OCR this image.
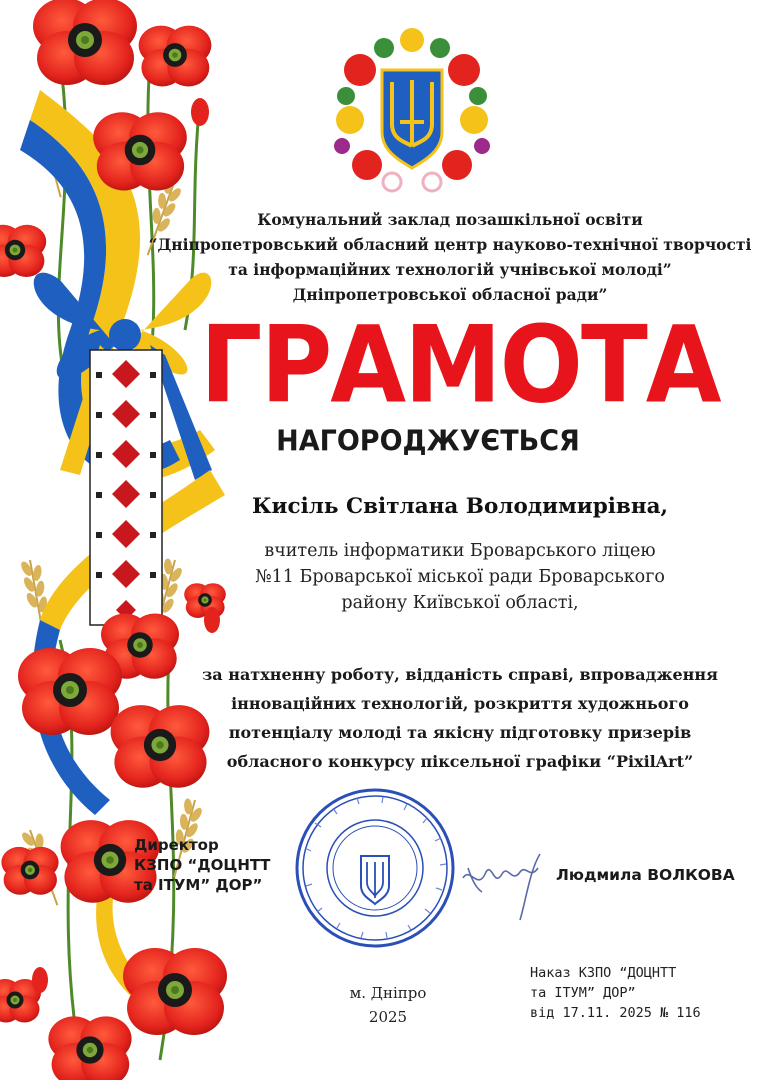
Комунальний заклад позашкільної освіти
“Дніпропетровський обласний центр науково-технічної творчості
та інформаційних технологій учнівської молоді”
Дніпропетровської обласної ради”
ГРАМОТА
НАГОРОДЖУЄТЬСЯ
Кисіль Світлана Володимирівна,
вчитель інформатики Броварського ліцею
№11 Броварської міської ради Броварського
району Київської області,
за натхненну роботу, відданість справі, впровадження
інноваційних технологій, розкриття художнього
потенціалу молоді та якісну підготовку призерів
обласного конкурсу піксельної графіки “PixilArt”
Директор
КЗПО “ДОЦНТТ
та ІТУМ” ДОР”
Людмила ВОЛКОВА
м. Дніпро
2025
Наказ КЗПО “ДОЦНТТ
та ІТУМ” ДОР”
від 17.11. 2025 № 116
